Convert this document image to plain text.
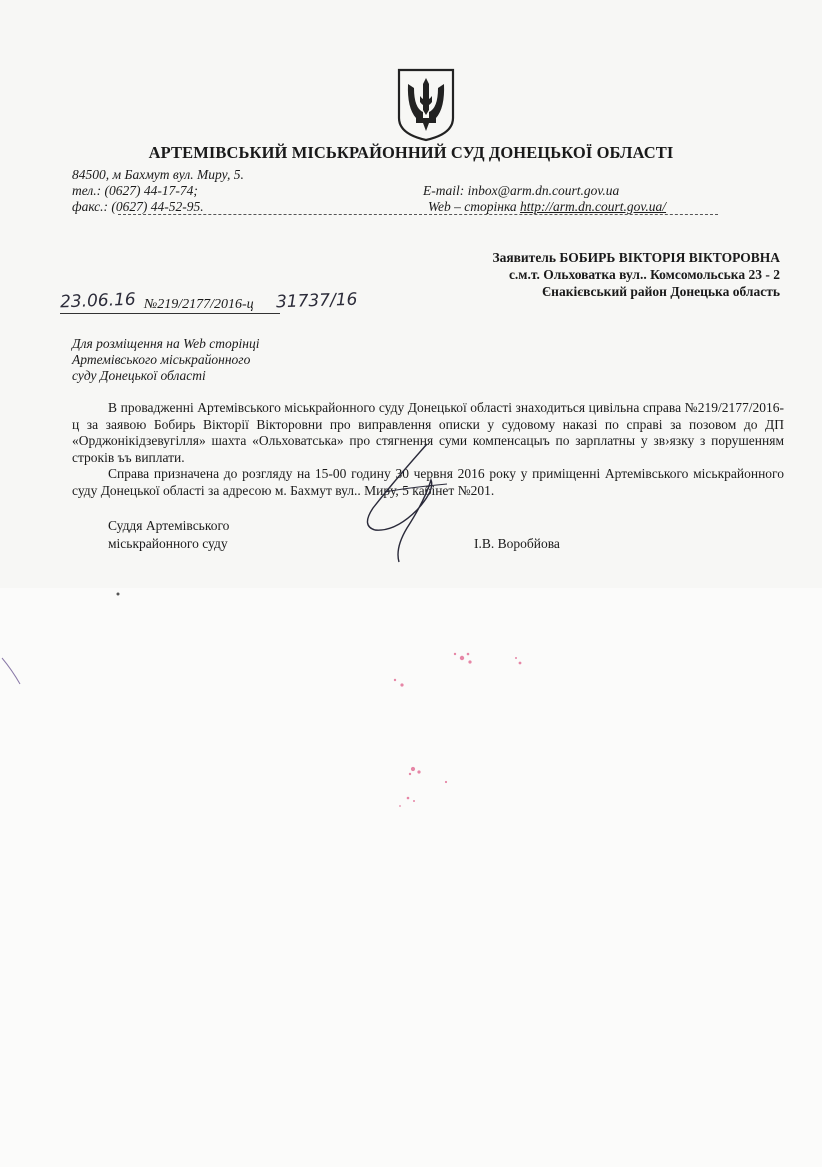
АРТЕМІВСЬКИЙ МІСЬКРАЙОННИЙ СУД ДОНЕЦЬКОЇ ОБЛАСТІ
84500, м Бахмут вул. Миру, 5.
тел.: (0627) 44-17-74;
факс.: (0627) 44-52-95.
E-mail: inbox@arm.dn.court.gov.ua
Web – сторінка http://arm.dn.court.gov.ua/
Заявитель БОБИРЬ ВІКТОРІЯ ВІКТОРОВНА
с.м.т. Ольховатка вул.. Комсомольська 23 - 2
Єнакієвський район Донецька область
23.06.16 №219/2177/2016-ц 31737/16
Для розміщення на Web сторінці
Артемівського міськрайонного
суду Донецької області

В провадженні Артемівського міськрайонного суду Донецької області знаходиться цивільна справа №219/2177/2016-ц за заявою Бобирь Вікторії Вікторовни про виправлення описки у судовому наказі по справі за позовом до ДП «Орджонікідзевугілля» шахта «Ольховатська» про стягнення суми компенсацыъ по зарплатны у зв›язку з порушенням строків ъъ виплати.

Справа призначена до розгляду на 15-00 годину 30 червня 2016 року у приміщенні Артемівського міськрайонного суду Донецької області за адресою м. Бахмут вул.. Миру, 5 кабінет №201.

Суддя Артемівського
міськрайонного суду	І.В. Воробйова
